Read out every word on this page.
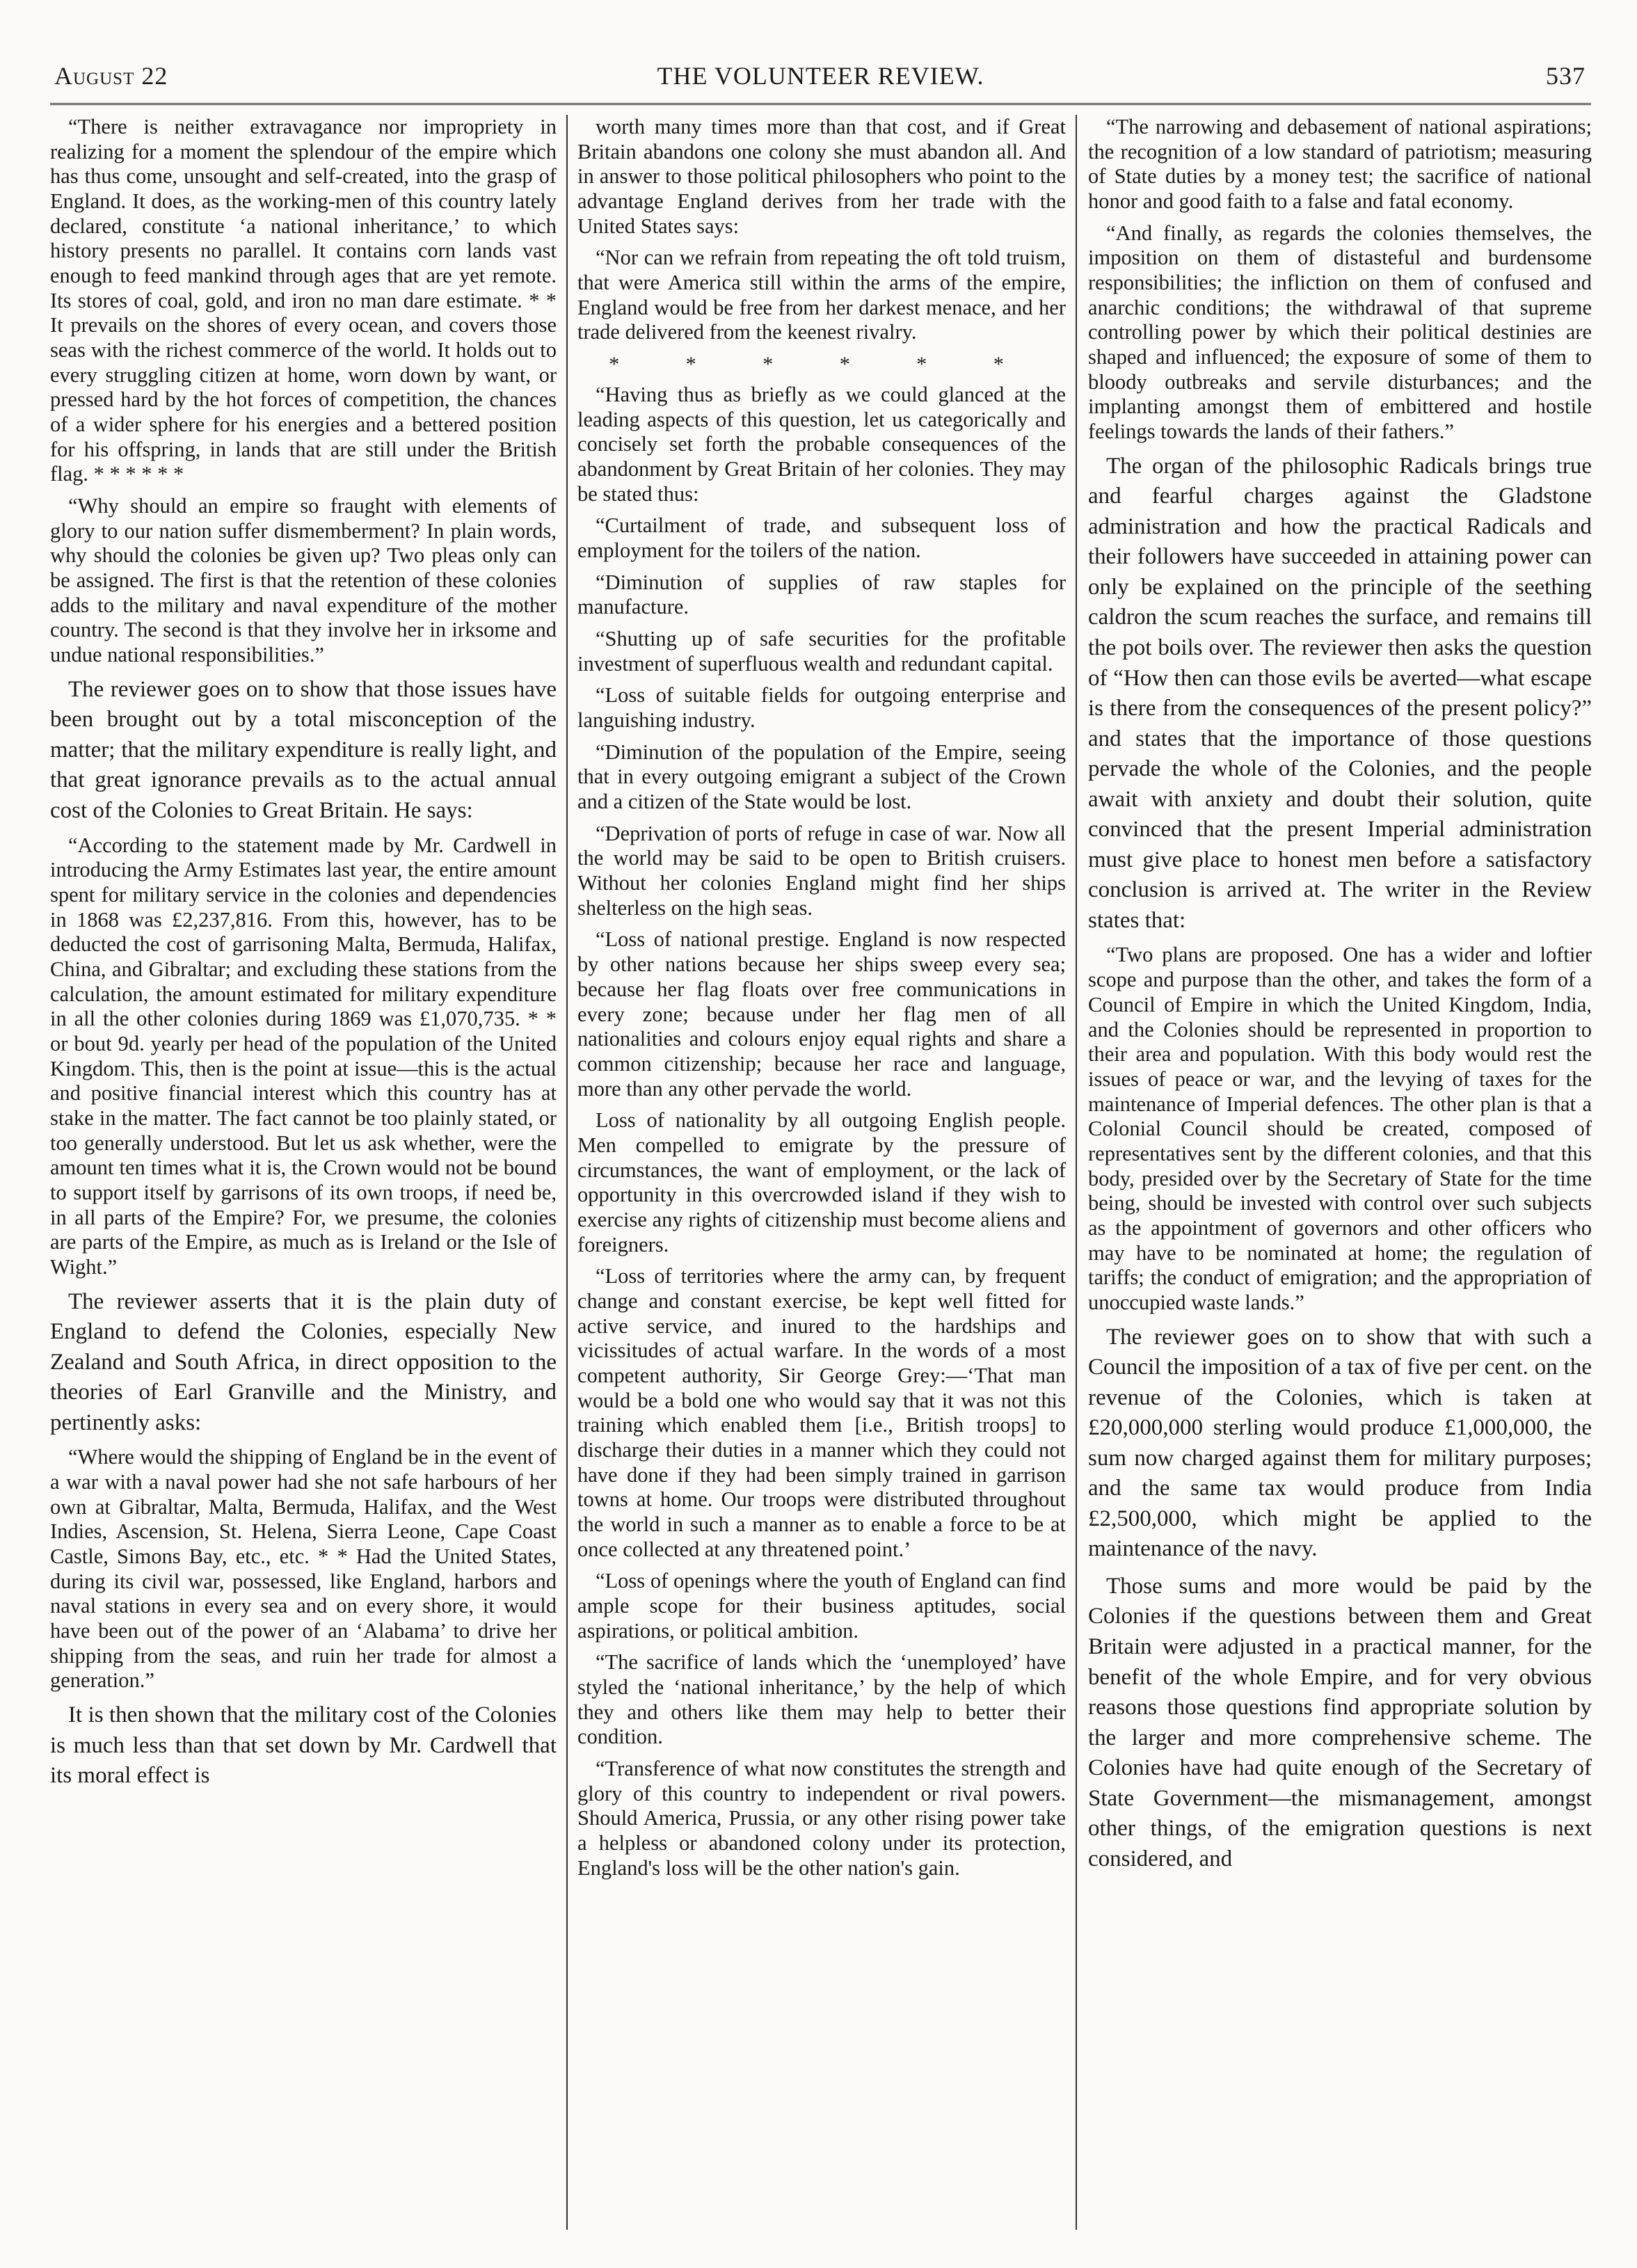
August 22	THE VOLUNTEER REVIEW.	537

“There is neither extravagance nor impropriety in realizing for a moment the splendour of the empire which has thus come, unsought and self-created, into the grasp of England. It does, as the working-men of this country lately declared, constitute ‘a national inheritance,’ to which history presents no parallel. It contains corn lands vast enough to feed mankind through ages that are yet remote. Its stores of coal, gold, and iron no man dare estimate. * * It prevails on the shores of every ocean, and covers those seas with the richest commerce of the world. It holds out to every struggling citizen at home, worn down by want, or pressed hard by the hot forces of competition, the chances of a wider sphere for his energies and a bettered position for his offspring, in lands that are still under the British flag. * * * * * *

“Why should an empire so fraught with elements of glory to our nation suffer dismemberment? In plain words, why should the colonies be given up? Two pleas only can be assigned. The first is that the retention of these colonies adds to the military and naval expenditure of the mother country. The second is that they involve her in irksome and undue national responsibilities.”

The reviewer goes on to show that those issues have been brought out by a total misconception of the matter; that the military expenditure is really light, and that great ignorance prevails as to the actual annual cost of the Colonies to Great Britain. He says:

“According to the statement made by Mr. Cardwell in introducing the Army Estimates last year, the entire amount spent for military service in the colonies and dependencies in 1868 was £2,237,816. From this, however, has to be deducted the cost of garrisoning Malta, Bermuda, Halifax, China, and Gibraltar; and excluding these stations from the calculation, the amount estimated for military expenditure in all the other colonies during 1869 was £1,070,735. * * or bout 9d. yearly per head of the population of the United Kingdom. This, then is the point at issue—this is the actual and positive financial interest which this country has at stake in the matter. The fact cannot be too plainly stated, or too generally understood. But let us ask whether, were the amount ten times what it is, the Crown would not be bound to support itself by garrisons of its own troops, if need be, in all parts of the Empire? For, we presume, the colonies are parts of the Empire, as much as is Ireland or the Isle of Wight.”

The reviewer asserts that it is the plain duty of England to defend the Colonies, especially New Zealand and South Africa, in direct opposition to the theories of Earl Granville and the Ministry, and pertinently asks:

“Where would the shipping of England be in the event of a war with a naval power had she not safe harbours of her own at Gibraltar, Malta, Bermuda, Halifax, and the West Indies, Ascension, St. Helena, Sierra Leone, Cape Coast Castle, Simons Bay, etc., etc. * * Had the United States, during its civil war, possessed, like England, harbors and naval stations in every sea and on every shore, it would have been out of the power of an ‘Alabama’ to drive her shipping from the seas, and ruin her trade for almost a generation.”

It is then shown that the military cost of the Colonies is much less than that set down by Mr. Cardwell that its moral effect is

worth many times more than that cost, and if Great Britain abandons one colony she must abandon all. And in answer to those political philosophers who point to the advantage England derives from her trade with the United States says:

“Nor can we refrain from repeating the oft told truism, that were America still within the arms of the empire, England would be free from her darkest menace, and her trade delivered from the keenest rivalry.

* * * * * *

“Having thus as briefly as we could glanced at the leading aspects of this question, let us categorically and concisely set forth the probable consequences of the abandonment by Great Britain of her colonies. They may be stated thus:

“Curtailment of trade, and subsequent loss of employment for the toilers of the nation.

“Diminution of supplies of raw staples for manufacture.

“Shutting up of safe securities for the profitable investment of superfluous wealth and redundant capital.

“Loss of suitable fields for outgoing enterprise and languishing industry.

“Diminution of the population of the Empire, seeing that in every outgoing emigrant a subject of the Crown and a citizen of the State would be lost.

“Deprivation of ports of refuge in case of war. Now all the world may be said to be open to British cruisers. Without her colonies England might find her ships shelterless on the high seas.

“Loss of national prestige. England is now respected by other nations because her ships sweep every sea; because her flag floats over free communications in every zone; because under her flag men of all nationalities and colours enjoy equal rights and share a common citizenship; because her race and language, more than any other pervade the world.

Loss of nationality by all outgoing English people. Men compelled to emigrate by the pressure of circumstances, the want of employment, or the lack of opportunity in this overcrowded island if they wish to exercise any rights of citizenship must become aliens and foreigners.

“Loss of territories where the army can, by frequent change and constant exercise, be kept well fitted for active service, and inured to the hardships and vicissitudes of actual warfare. In the words of a most competent authority, Sir George Grey:—‘That man would be a bold one who would say that it was not this training which enabled them [i.e., British troops] to discharge their duties in a manner which they could not have done if they had been simply trained in garrison towns at home. Our troops were distributed throughout the world in such a manner as to enable a force to be at once collected at any threatened point.’

“Loss of openings where the youth of England can find ample scope for their business aptitudes, social aspirations, or political ambition.

“The sacrifice of lands which the ‘unemployed’ have styled the ‘national inheritance,’ by the help of which they and others like them may help to better their condition.

“Transference of what now constitutes the strength and glory of this country to independent or rival powers. Should America, Prussia, or any other rising power take a helpless or abandoned colony under its protection, England's loss will be the other nation's gain.

“The narrowing and debasement of national aspirations; the recognition of a low standard of patriotism; measuring of State duties by a money test; the sacrifice of national honor and good faith to a false and fatal economy.

“And finally, as regards the colonies themselves, the imposition on them of distasteful and burdensome responsibilities; the infliction on them of confused and anarchic conditions; the withdrawal of that supreme controlling power by which their political destinies are shaped and influenced; the exposure of some of them to bloody outbreaks and servile disturbances; and the implanting amongst them of embittered and hostile feelings towards the lands of their fathers.”

The organ of the philosophic Radicals brings true and fearful charges against the Gladstone administration and how the practical Radicals and their followers have succeeded in attaining power can only be explained on the principle of the seething caldron the scum reaches the surface, and remains till the pot boils over. The reviewer then asks the question of “How then can those evils be averted—what escape is there from the consequences of the present policy?” and states that the importance of those questions pervade the whole of the Colonies, and the people await with anxiety and doubt their solution, quite convinced that the present Imperial administration must give place to honest men before a satisfactory conclusion is arrived at. The writer in the Review states that:

“Two plans are proposed. One has a wider and loftier scope and purpose than the other, and takes the form of a Council of Empire in which the United Kingdom, India, and the Colonies should be represented in proportion to their area and population. With this body would rest the issues of peace or war, and the levying of taxes for the maintenance of Imperial defences. The other plan is that a Colonial Council should be created, composed of representatives sent by the different colonies, and that this body, presided over by the Secretary of State for the time being, should be invested with control over such subjects as the appointment of governors and other officers who may have to be nominated at home; the regulation of tariffs; the conduct of emigration; and the appropriation of unoccupied waste lands.”

The reviewer goes on to show that with such a Council the imposition of a tax of five per cent. on the revenue of the Colonies, which is taken at £20,000,000 sterling would produce £1,000,000, the sum now charged against them for military purposes; and the same tax would produce from India £2,500,000, which might be applied to the maintenance of the navy.

Those sums and more would be paid by the Colonies if the questions between them and Great Britain were adjusted in a practical manner, for the benefit of the whole Empire, and for very obvious reasons those questions find appropriate solution by the larger and more comprehensive scheme. The Colonies have had quite enough of the Secretary of State Government—the mismanagement, amongst other things, of the emigration questions is next considered, and
